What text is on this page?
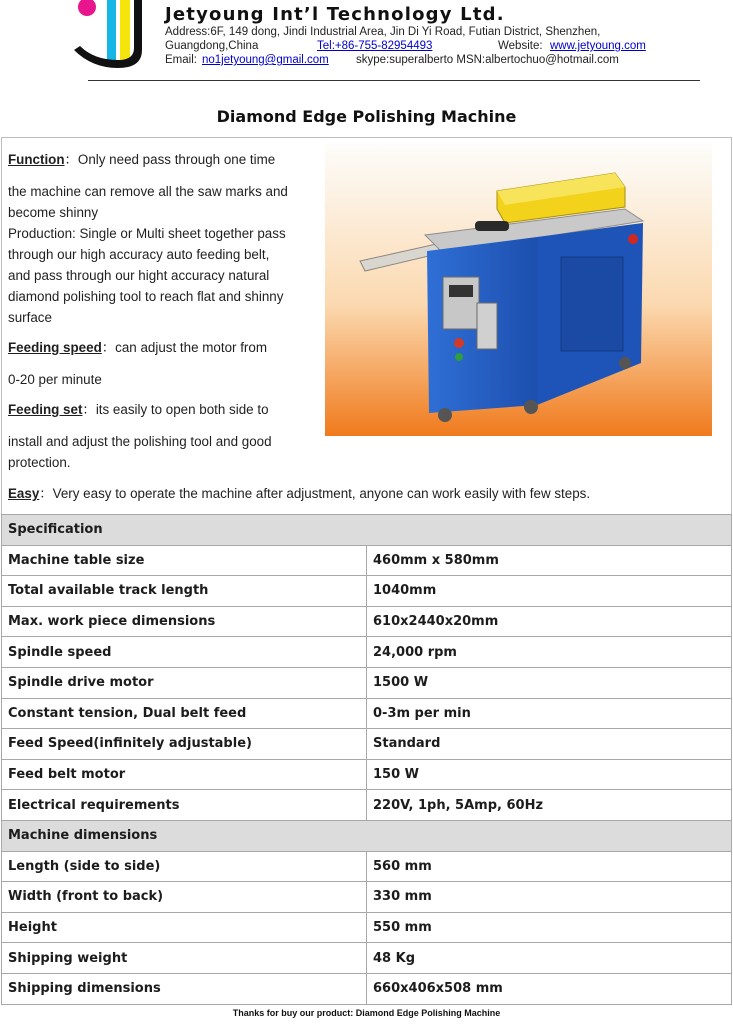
Jetyoung Int’l Technology Ltd.
Address:6F, 149 dong, Jindi Industrial Area, Jin Di Yi Road, Futian District, Shenzhen,
Guangdong,China	Tel:+86-755-82954493	Website: www.jetyoung.com
Email: no1jetyoung@gmail.com skype:superalberto MSN:albertochuo@hotmail.com
Diamond Edge Polishing Machine
Function：Only need pass through one time
the machine can remove all the saw marks and
become shinny
Production: Single or Multi sheet together pass
through our high accuracy auto feeding belt,
and pass through our hight accuracy natural
diamond polishing tool to reach flat and shinny
surface
Feeding speed：can adjust the motor from
0-20 per minute
Feeding set：its easily to open both side to
install and adjust the polishing tool and good
protection.
Easy：Very easy to operate the machine after adjustment, anyone can work easily with few steps.
Specification	
Machine table size	460mm x 580mm
Total available track length	1040mm
Max. work piece dimensions	610x2440x20mm
Spindle speed	24,000 rpm
Spindle drive motor	1500 W
Constant tension, Dual belt feed	0-3m per min
Feed Speed(infinitely adjustable)	Standard
Feed belt motor	150 W
Electrical requirements	220V, 1ph, 5Amp, 60Hz
Machine dimensions	
Length (side to side)	560 mm
Width (front to back)	330 mm
Height	550 mm
Shipping weight	48 Kg
Shipping dimensions	660x406x508 mm
Thanks for buy our product: Diamond Edge Polishing Machine
